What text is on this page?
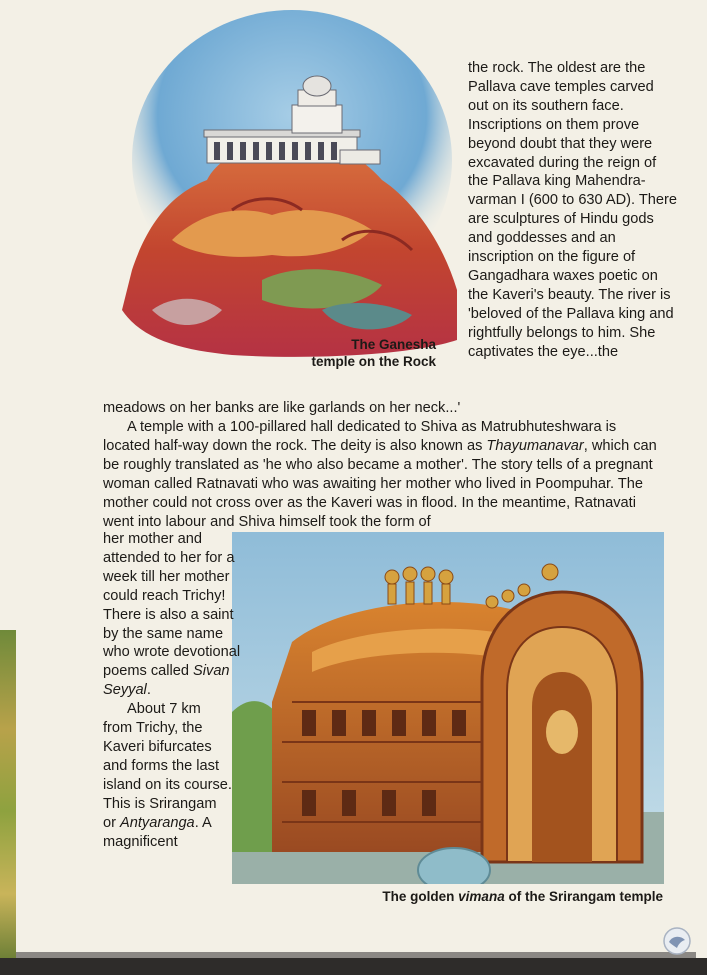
The Ganesha
temple on the Rock

the rock. The oldest are the Pallava cave temples carved out on its southern face. Inscriptions on them prove beyond doubt that they were excavated during the reign of the Pallava king Mahendra-varman I (600 to 630 AD). There are sculptures of Hindu gods and goddesses and an inscription on the figure of Gangadhara waxes poetic on the Kaveri's beauty. The river is 'beloved of the Pallava king and rightfully belongs to him. She captivates the eye...the

meadows on her banks are like garlands on her neck...'

A temple with a 100-pillared hall dedicated to Shiva as Matrubhuteshwara is located half-way down the rock. The deity is also known as Thayumanavar, which can be roughly translated as 'he who also became a mother'. The story tells of a pregnant woman called Ratnavati who was awaiting her mother who lived in Poompuhar. The mother could not cross over as the Kaveri was in flood. In the meantime, Ratnavati went into labour and Shiva himself took the form of

her mother and attended to her for a week till her mother could reach Trichy! There is also a saint by the same name who wrote devotional poems called Sivan Seyyal.

About 7 km from Trichy, the Kaveri bifurcates and forms the last island on its course. This is Srirangam or Antyaranga. A magnificent

The golden vimana of the Srirangam temple
